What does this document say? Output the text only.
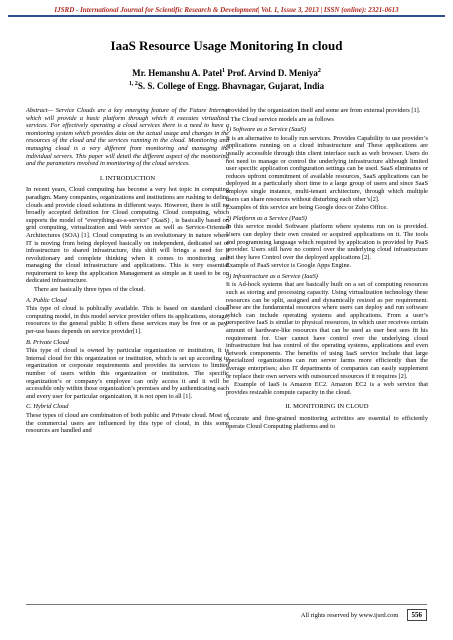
IJSRD - International Journal for Scientific Research & Development| Vol. 1, Issue 3, 2013 | ISSN (online): 2321-0613
IaaS Resource Usage Monitoring In cloud
Mr. Hemanshu A. Patel$^1$ Prof. Arvind D. Meniya$^2$
$^{1, 2}$S. S. College of Engg. Bhavnagar, Gujarat, India

Abstract— Service Clouds are a key emerging feature of the Future Internet which will provide a basic platform through which it executes virtualized services. For effectively operating a cloud services there is a need to have a monitoring system which provides data on the actual usage and changes in the resources of the cloud and the services running in the cloud. Monitoring and managing cloud is a very different from monitoring and managing the individual servers. This paper will detail the different aspect of the monitoring and the parameters involved in monitoring of the cloud services.

I. INTRODUCTION

In recent years, Cloud computing has become a very hot topic in computing paradigm. Many companies, organizations and institutions are rushing to define clouds and provide cloud solutions in different ways. However, there is still no broadly accepted definition for Cloud computing. Cloud computing, which supports the model of "everything-as-a-service" (XaaS) , is basically based on grid computing, virtualization and Web service as well as Service-Oriented Architectures (SOA) [1]. Cloud computing is an evolutionary in nature where IT is moving from being deployed basically on independent, dedicated set of infrastructure to shared infrastructure, this shift will brings a need for a revolutionary and complete thinking when it comes to monitoring and managing the cloud infrastructure and applications. This is very essential requirement to keep the application Management as simple as it used to be on dedicated infrastructure.

There are basically three types of the cloud.

A. Public Cloud

This type of cloud is publically available. This is based on standard cloud computing model, in this model service provider offers its applications, storage, resources to the general public It offers these services may be free or as pay-per-use bases depends on service provider[1].

B. Private Cloud

This type of cloud is owned by particular organization or institution, It is Internal cloud for this organization or institution, which is set up according to organization or corporate requirements and provides its services to limited number of users within this organization or institution. The specific organization’s or company’s employee can only access it and it will be accessible only within those organization’s premises and by authenticating each and every user for particular organization, it is not open to all [1].

C. Hybrid Cloud

These types of cloud are combination of both public and Private cloud. Most of the commercial users are influenced by this type of cloud, in this some resources are handled and

provided by the organization itself and some are from external providers [1].

– The Cloud service models are as follows

1) Software as a Service (SaaS)

It is an alternative to locally run services. Provides Capability to use provider’s applications running on a cloud infrastructure and These applications are usually accessible through thin client interface such as web browser. Users do not need to manage or control the underlying infrastructure although limited user specific application configuration settings can be used. SaaS eliminates or reduces upfront commitment of available resources, SaaS applications can be deployed in a particularly short time to a large group of users and since SaaS employs single instance, multi-tenant architecture, through which multiple users can share resources without disturbing each other’s[2].

Examples of this service are being Google docs or Zoho Office.

2) Platform as a Service (PaaS)

In this service model Software platform where systems run on is provided. Users can deploy their own created or acquired applications on it. The tools and programming language which required by application is provided by PaaS provider. Users still have no control over the underlying cloud infrastructure but they have Control over the deployed applications [2].

Example of PaaS service is Google Apps Engine.

3) Infrastructure as a Service (IaaS)

It is Ad-hock systems that are basically built on a set of computing resources such as storing and processing capacity. Using virtualization technology these resources can be split, assigned and dynamically resized as per requirement. These are the fundamental resources where users can deploy and run software which can include operating systems and applications. From a user’s perspective IaaS is similar to physical resources, in which user receives certain amount of hardware-like resources that can be used as user best sees fit his requirement for. User cannot have control over the underlying cloud infrastructure but has control of the operating systems, applications and even network components. The benefits of using IaaS service include that large specialized organizations can run server farms more efficiently than the average enterprises; also IT departments of companies can easily supplement or replace their own servers with outsourced resources if it requires [2].

Example of IaaS is Amazon EC2. Amazon EC2 is a web service that provides resizable compute capacity in the cloud.

II. MONITORING IN CLOUD

Accurate and fine-grained monitoring activities are essential to efficiently operate Cloud Computing platforms and to

All rights reserved by www.ijsrd.com	556
